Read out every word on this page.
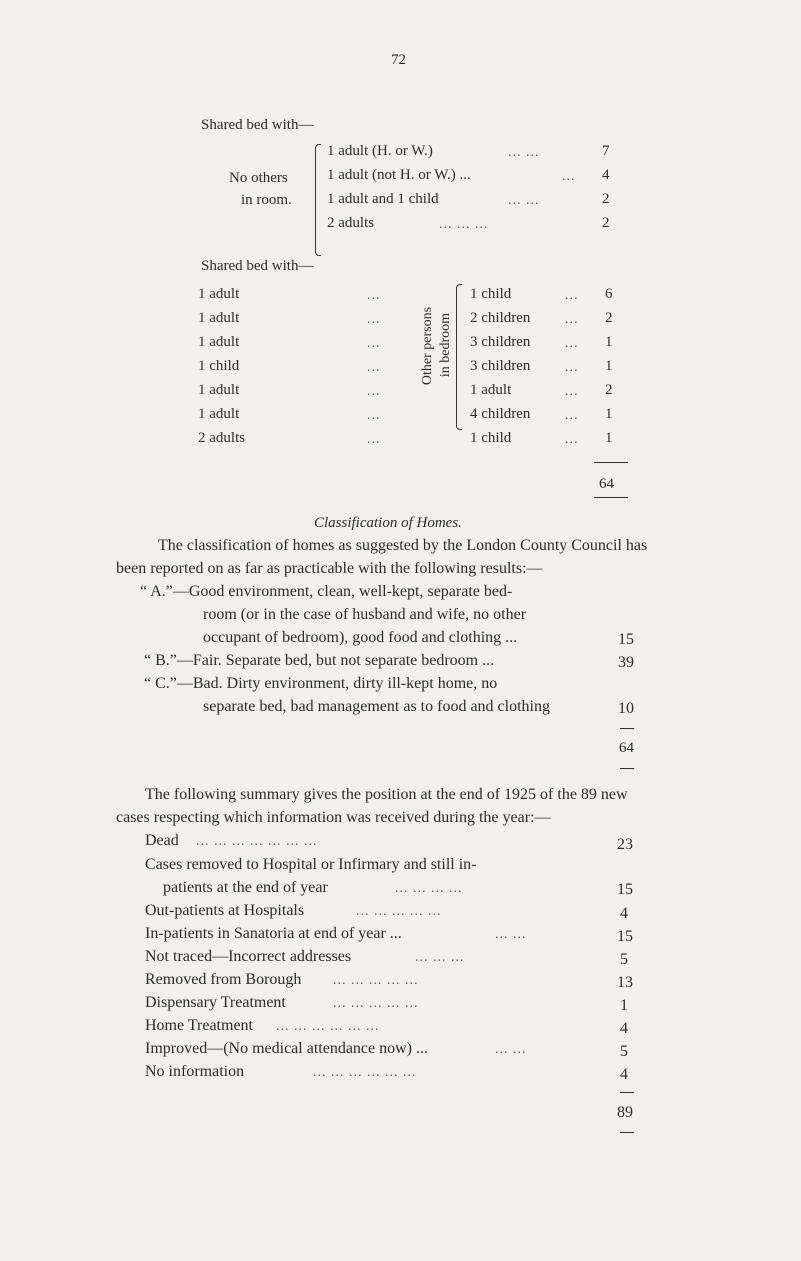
72
Shared bed with—
No others
in room.
1 adult (H. or W.)	... ...	7
1 adult (not H. or W.) ...	... 4
1 adult and 1 child	... ...	2
2 adults	... ... ...	2
Shared bed with—
Other persons in bedroom
1 adult	...	1 child	... 6
1 adult	...	2 children ... 2
1 adult	...	3 children ... 1
1 child	...	3 children ... 1
1 adult	...	1 adult	... 2
1 adult	...	4 children ... 1
2 adults	...	1 child	... 1
64
Classification of Homes.
The classification of homes as suggested by the London County Council has
been reported on as far as practicable with the following results:—
“ A.”—Good environment, clean, well-kept, separate bed-
room (or in the case of husband and wife, no other
occupant of bedroom), good food and clothing ...	15
“ B.”—Fair. Separate bed, but not separate bedroom ...	39
“ C.”—Bad. Dirty environment, dirty ill-kept home, no
separate bed, bad management as to food and clothing	10
64
The following summary gives the position at the end of 1925 of the 89 new
cases respecting which information was received during the year:—
Dead ... ... ... ... ... ... ...	23
Cases removed to Hospital or Infirmary and still in-
patients at the end of year	... ... ... ...	15
Out-patients at Hospitals	... ... ... ... ...	4
In-patients in Sanatoria at end of year ...	... ...	15
Not traced—Incorrect addresses	... ... ...	5
Removed from Borough ... ... ... ... ...	13
Dispensary Treatment	... ... ... ... ...	1
Home Treatment ... ... ... ... ... ...	4
Improved—(No medical attendance now) ...	... ...	5
No information	... ... ... ... ... ...	4
89
